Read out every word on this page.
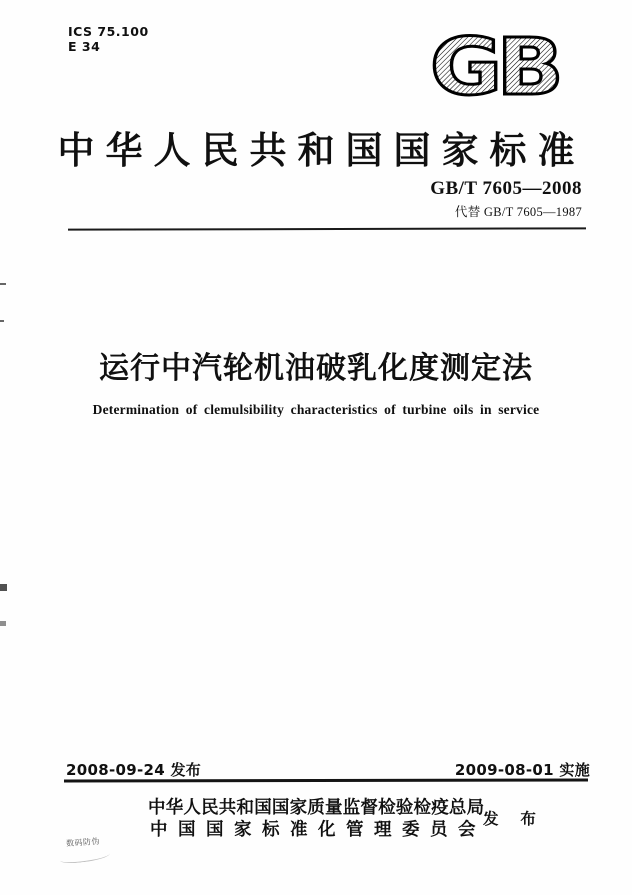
ICS 75.100
E 34	GB
中华人民共和国国家标准
GB/T 7605—2008
代替 GB/T 7605—1987
运行中汽轮机油破乳化度测定法
Determination of clemulsibility characteristics of turbine oils in service
2008-09-24 发布	2009-08-01 实施
中华人民共和国国家质量监督检验检疫总局
中国国家标准化管理委员会
发 布
数码防伪
